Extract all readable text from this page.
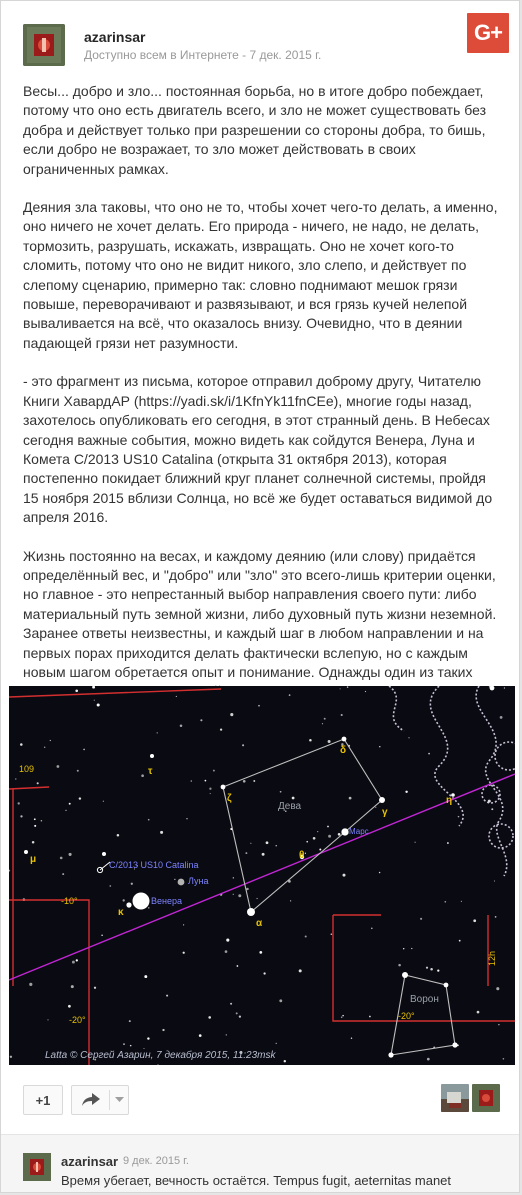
azarinsar
Доступно всем в Интернете - 7 дек. 2015 г.
G+

Весы... добро и зло... постоянная борьба, но в итоге добро побеждает, потому что оно есть двигатель всего, и зло не может существовать без добра и действует только при разрешении со стороны добра, то бишь, если добро не возражает, то зло может действовать в своих ограниченных рамках.

Деяния зла таковы, что оно не то, чтобы хочет чего-то делать, а именно, оно ничего не хочет делать. Его природа - ничего, не надо, не делать, тормозить, разрушать, искажать, извращать. Оно не хочет кого-то сломить, потому что оно не видит никого, зло слепо, и действует по слепому сценарию, примерно так: словно поднимают мешок грязи повыше, переворачивают и развязывают, и вся грязь кучей нелепой вываливается на всё, что оказалось внизу. Очевидно, что в деянии падающей грязи нет разумности.

- это фрагмент из письма, которое отправил доброму другу, Читателю Книги ХавардАР (https://yadi.sk/i/1KfnYk11fnCEe), многие годы назад, захотелось опубликовать его сегодня, в этот странный день. В Небесах сегодня важные события, можно видеть как сойдутся Венера, Луна и Комета C/2013 US10 Catalina (открыта 31 октября 2013), которая постепенно покидает ближний круг планет солнечной системы, пройдя 15 ноября 2015 вблизи Солнца, но всё же будет оставаться видимой до апреля 2016.

Жизнь постоянно на весах, и каждому деянию (или слову) придаётся определённый вес, и "добро" или "зло" это всего-лишь критерии оценки, но главное - это непрестанный выбор направления своего пути: либо материальный путь земной жизни, либо духовный путь жизни неземной. Заранее ответы неизвестны, и каждый шаг в любом направлении и на первых порах приходится делать фактически вслепую, но с каждым новым шагом обретается опыт и понимание. Однажды один из таких

Дева
Ворон
Венера
Луна
Марс
C/2013 US10 Catalina
τ
μ
κ
ζ
θ
α
γ
δ
η
-10°
-20°	-20°
12h
109
Latta © Сергей Азарин, 7 декабря 2015, 11:23msk
+1
azarinsar 9 дек. 2015 г.
Время убегает, вечность остаётся. Tempus fugit, aeternitas manet
